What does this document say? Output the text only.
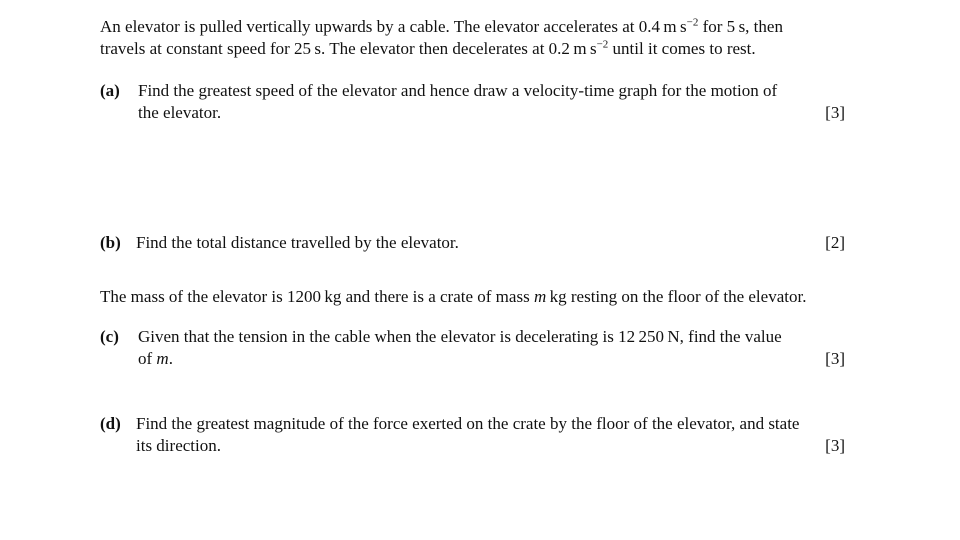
An elevator is pulled vertically upwards by a cable. The elevator accelerates at 0.4 m $s^{-2}$ for 5 s, then

travels at constant speed for 25 s. The elevator then decelerates at 0.2 m $s^{-2}$ until it comes to rest.

(a)	Find the greatest speed of the elevator and hence draw a velocity-time graph for the motion of
the elevator.	[3]
(b) Find the total distance travelled by the elevator.	[2]
The mass of the elevator is 1200 kg and there is a crate of mass m kg resting on the floor of the elevator.
(c)	Given that the tension in the cable when the elevator is decelerating is 12 250 N, find the value
of m.	[3]
(d) Find the greatest magnitude of the force exerted on the crate by the floor of the elevator, and state
its direction.	[3]
